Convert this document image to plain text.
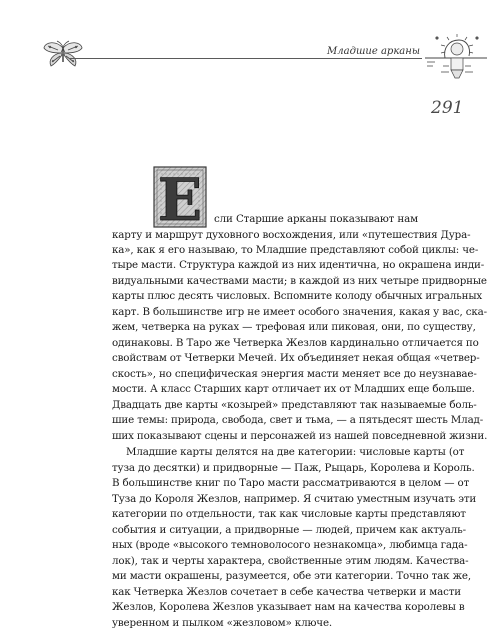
Младшие арканы
291
Е сли Старшие арканы показывают нам
карту и маршрут духовного восхождения, или «путешествия Дура-
ка», как я его называю, то Младшие представляют собой циклы: че-
тыре масти. Структура каждой из них идентична, но окрашена инди-
видуальными качествами масти; в каждой из них четыре придворные
карты плюс десять числовых. Вспомните колоду обычных игральных
карт. В большинстве игр не имеет особого значения, какая у вас, ска-
жем, четверка на руках — трефовая или пиковая, они, по существу,
одинаковы. В Таро же Четверка Жезлов кардинально отличается по
свойствам от Четверки Мечей. Их объединяет некая общая «четвер-
скость», но специфическая энергия масти меняет все до неузнавае-
мости. А класс Старших карт отличает их от Младших еще больше.
Двадцать две карты «козырей» представляют так называемые боль-
шие темы: природа, свобода, свет и тьма, — а пятьдесят шесть Млад-
ших показывают сцены и персонажей из нашей повседневной жизни.
Младшие карты делятся на две категории: числовые карты (от
туза до десятки) и придворные — Паж, Рыцарь, Королева и Король.
В большинстве книг по Таро масти рассматриваются в целом — от
Туза до Короля Жезлов, например. Я считаю уместным изучать эти
категории по отдельности, так как числовые карты представляют
события и ситуации, а придворные — людей, причем как актуаль-
ных (вроде «высокого темноволосого незнакомца», любимца гада-
лок), так и черты характера, свойственные этим людям. Качества-
ми масти окрашены, разумеется, обе эти категории. Точно так же,
как Четверка Жезлов сочетает в себе качества четверки и масти
Жезлов, Королева Жезлов указывает нам на качества королевы в
уверенном и пылком «жезловом» ключе.
